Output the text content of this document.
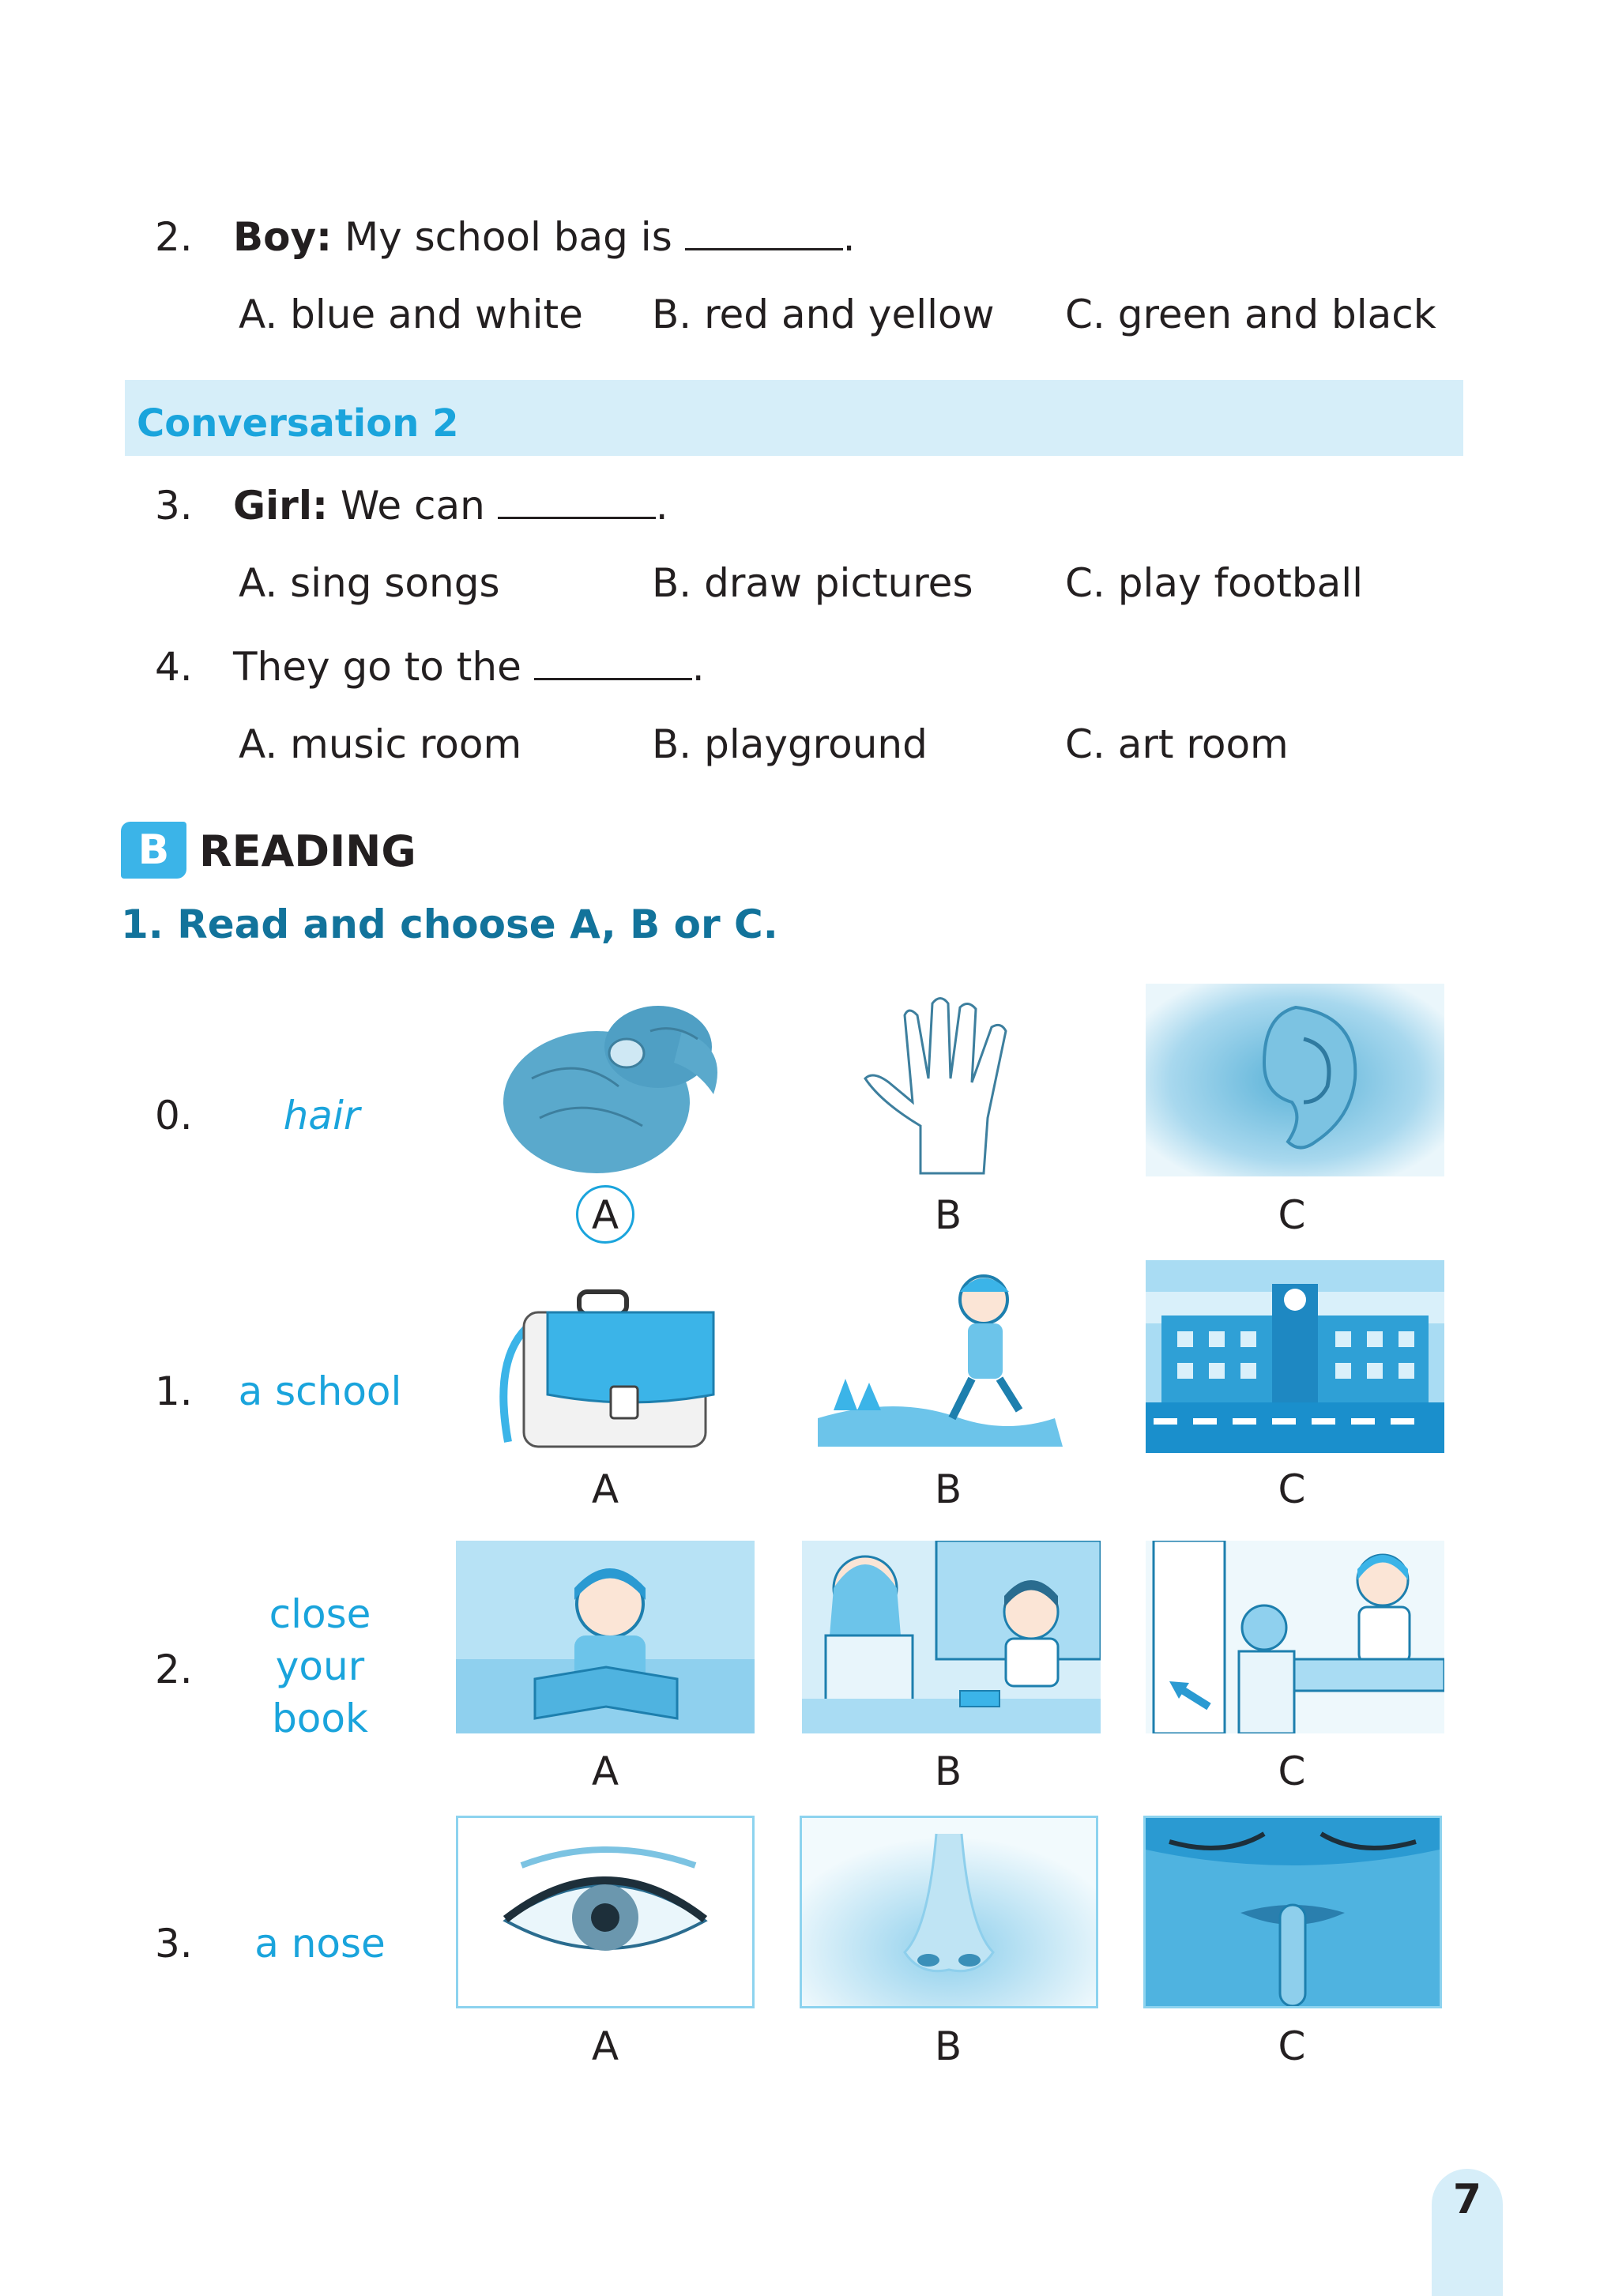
2. Boy: My school bag is	.
A. blue and white B. red and yellow C. green and black
Conversation 2
3. Girl: We can	.
A. sing songs	B. draw pictures C. play football
4. They go to the	.
A. music room	B. playground	C. art room
B READING
1. Read and choose A, B or C.
0.	hair
A	B	C
1.	a school
A	B	C
2.
close
your
book
A	B	C
3.	a nose
A	B	C
7
